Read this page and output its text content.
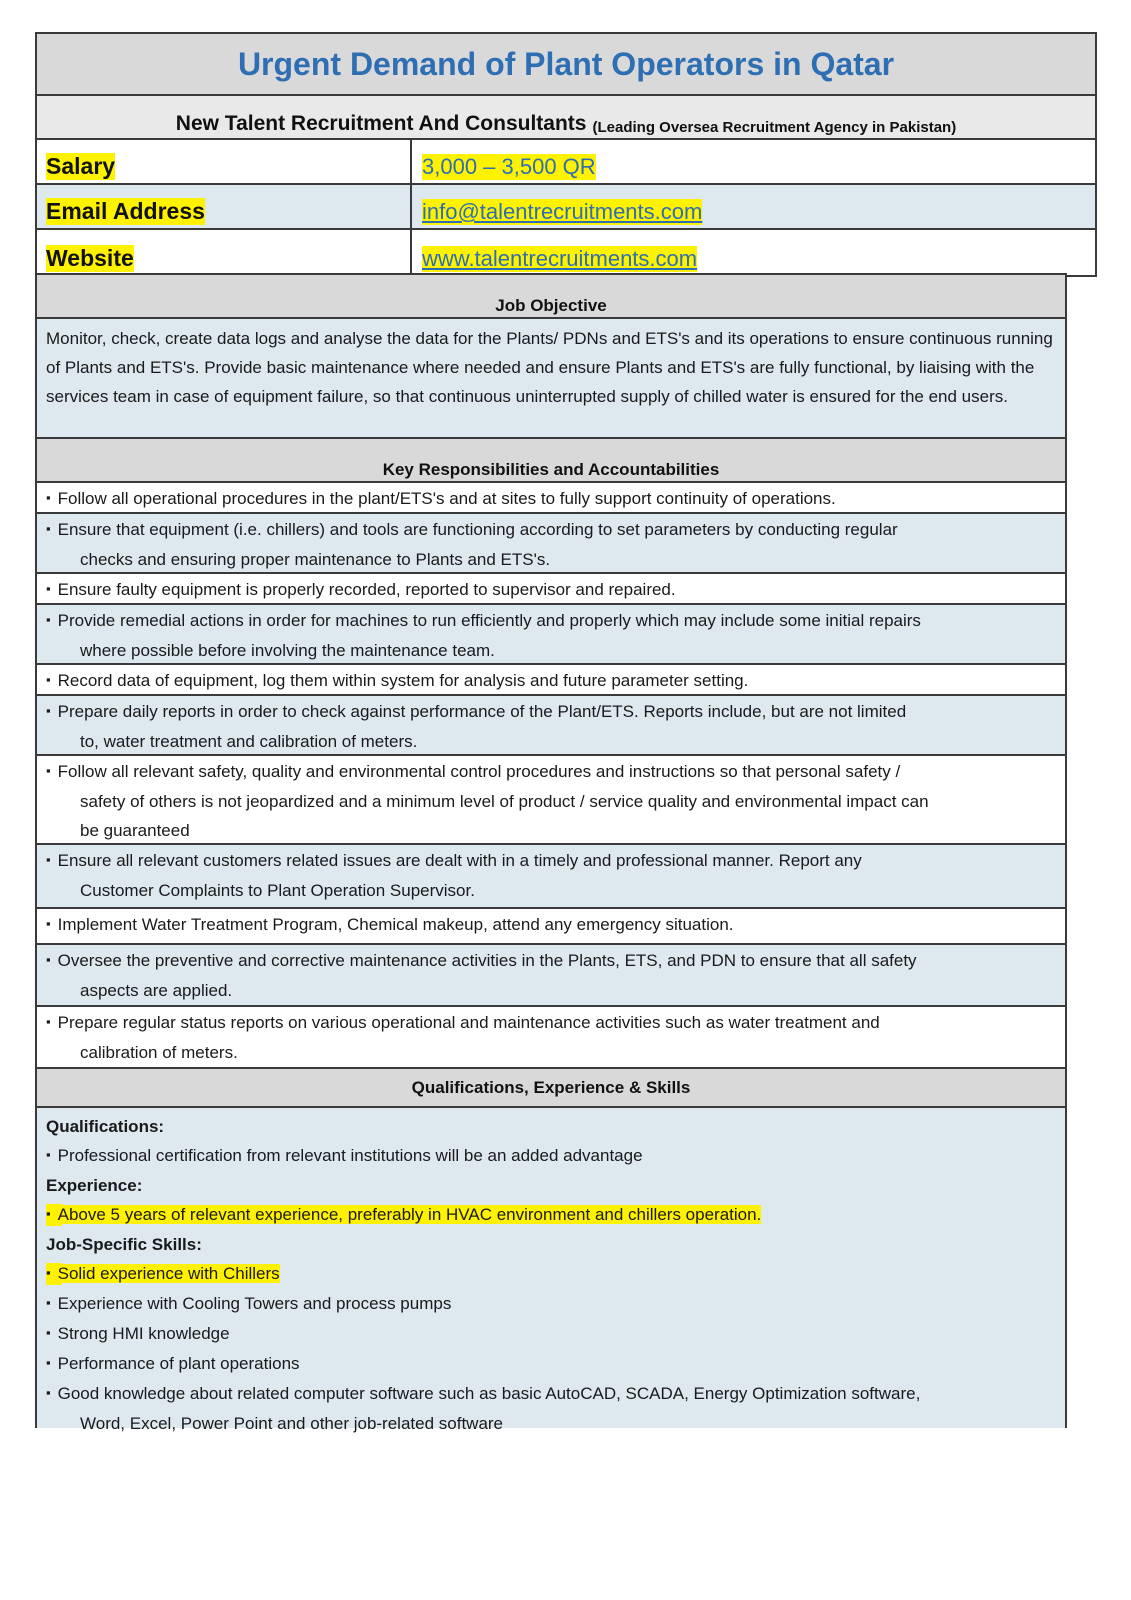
Urgent Demand of Plant Operators in Qatar
New Talent Recruitment And Consultants (Leading Oversea Recruitment Agency in Pakistan)
Salary	3,000 – 3,500 QR
Email Address	info@talentrecruitments.com
Website	www.talentrecruitments.com
Job Objective
Monitor, check, create data logs and analyse the data for the Plants/ PDNs and ETS's and its operations to ensure continuous running of Plants and ETS's. Provide basic maintenance where needed and ensure Plants and ETS's are fully functional, by liaising with the services team in case of equipment failure, so that continuous uninterrupted supply of chilled water is ensured for the end users.
Key Responsibilities and Accountabilities
▪ Follow all operational procedures in the plant/ETS's and at sites to fully support continuity of operations.
▪ Ensure that equipment (i.e. chillers) and tools are functioning according to set parameters by conducting regular
checks and ensuring proper maintenance to Plants and ETS's.
▪ Ensure faulty equipment is properly recorded, reported to supervisor and repaired.
▪ Provide remedial actions in order for machines to run efficiently and properly which may include some initial repairs
where possible before involving the maintenance team.
▪ Record data of equipment, log them within system for analysis and future parameter setting.
▪ Prepare daily reports in order to check against performance of the Plant/ETS. Reports include, but are not limited
to, water treatment and calibration of meters.
▪ Follow all relevant safety, quality and environmental control procedures and instructions so that personal safety /
safety of others is not jeopardized and a minimum level of product / service quality and environmental impact can
be guaranteed
▪ Ensure all relevant customers related issues are dealt with in a timely and professional manner. Report any
Customer Complaints to Plant Operation Supervisor.
▪ Implement Water Treatment Program, Chemical makeup, attend any emergency situation.
▪ Oversee the preventive and corrective maintenance activities in the Plants, ETS, and PDN to ensure that all safety
aspects are applied.
▪ Prepare regular status reports on various operational and maintenance activities such as water treatment and
calibration of meters.
Qualifications, Experience & Skills
Qualifications:
▪ Professional certification from relevant institutions will be an added advantage
Experience:
▪ Above 5 years of relevant experience, preferably in HVAC environment and chillers operation.
Job-Specific Skills:
▪ Solid experience with Chillers
▪ Experience with Cooling Towers and process pumps
▪ Strong HMI knowledge
▪ Performance of plant operations
▪ Good knowledge about related computer software such as basic AutoCAD, SCADA, Energy Optimization software,
Word, Excel, Power Point and other job-related software
